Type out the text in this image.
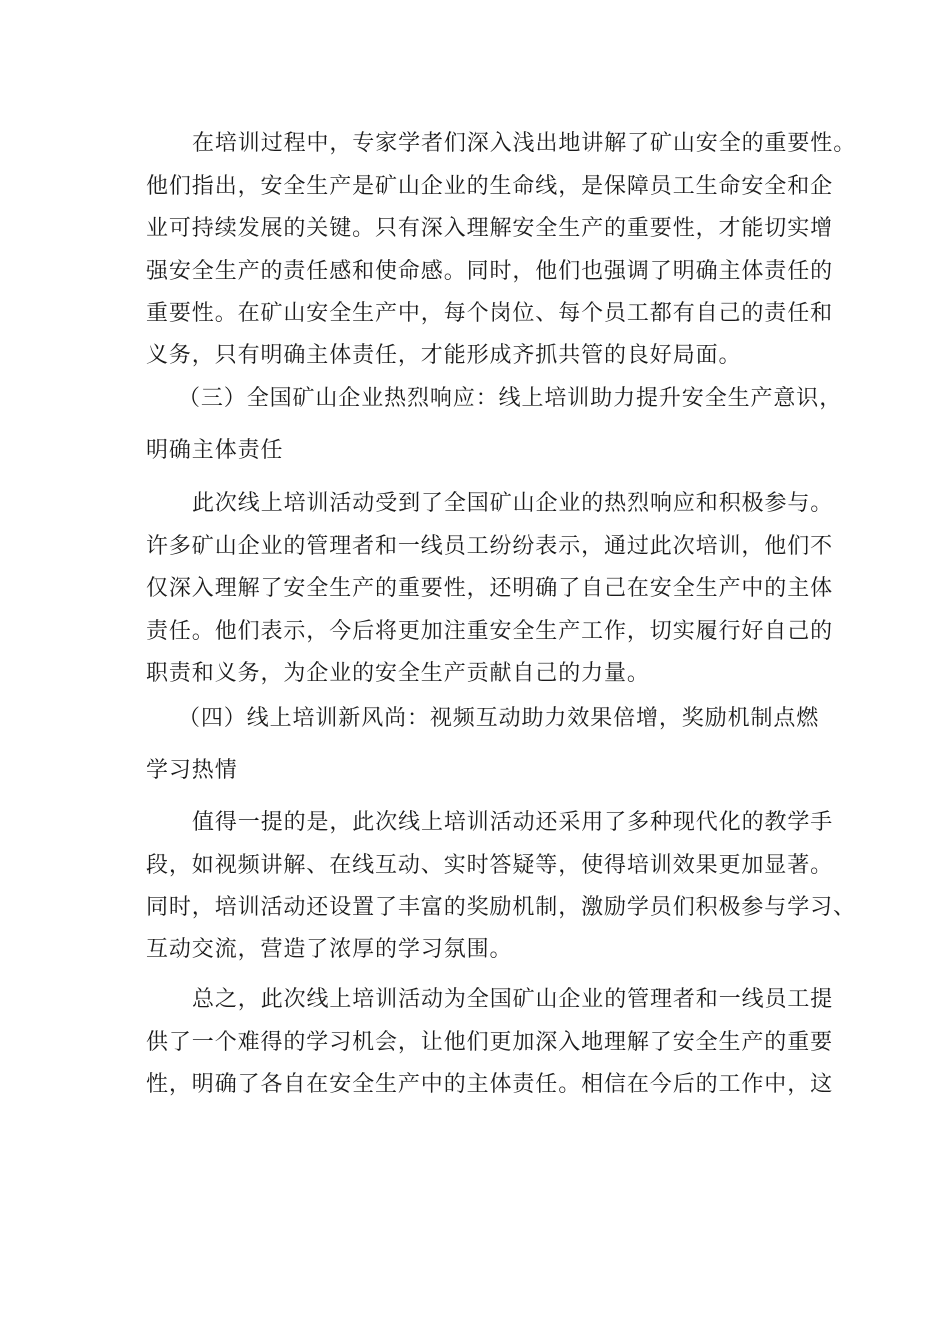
在培训过程中，专家学者们深入浅出地讲解了矿山安全的重要性。
他们指出，安全生产是矿山企业的生命线，是保障员工生命安全和企
业可持续发展的关键。只有深入理解安全生产的重要性，才能切实增
强安全生产的责任感和使命感。同时，他们也强调了明确主体责任的
重要性。在矿山安全生产中，每个岗位、每个员工都有自己的责任和
义务，只有明确主体责任，才能形成齐抓共管的良好局面。
（三）全国矿山企业热烈响应：线上培训助力提升安全生产意识，
明确主体责任
此次线上培训活动受到了全国矿山企业的热烈响应和积极参与。
许多矿山企业的管理者和一线员工纷纷表示，通过此次培训，他们不
仅深入理解了安全生产的重要性，还明确了自己在安全生产中的主体
责任。他们表示，今后将更加注重安全生产工作，切实履行好自己的
职责和义务，为企业的安全生产贡献自己的力量。
（四）线上培训新风尚：视频互动助力效果倍增，奖励机制点燃
学习热情
值得一提的是，此次线上培训活动还采用了多种现代化的教学手
段，如视频讲解、在线互动、实时答疑等，使得培训效果更加显著。
同时，培训活动还设置了丰富的奖励机制，激励学员们积极参与学习、
互动交流，营造了浓厚的学习氛围。
总之，此次线上培训活动为全国矿山企业的管理者和一线员工提
供了一个难得的学习机会，让他们更加深入地理解了安全生产的重要
性，明确了各自在安全生产中的主体责任。相信在今后的工作中，这
